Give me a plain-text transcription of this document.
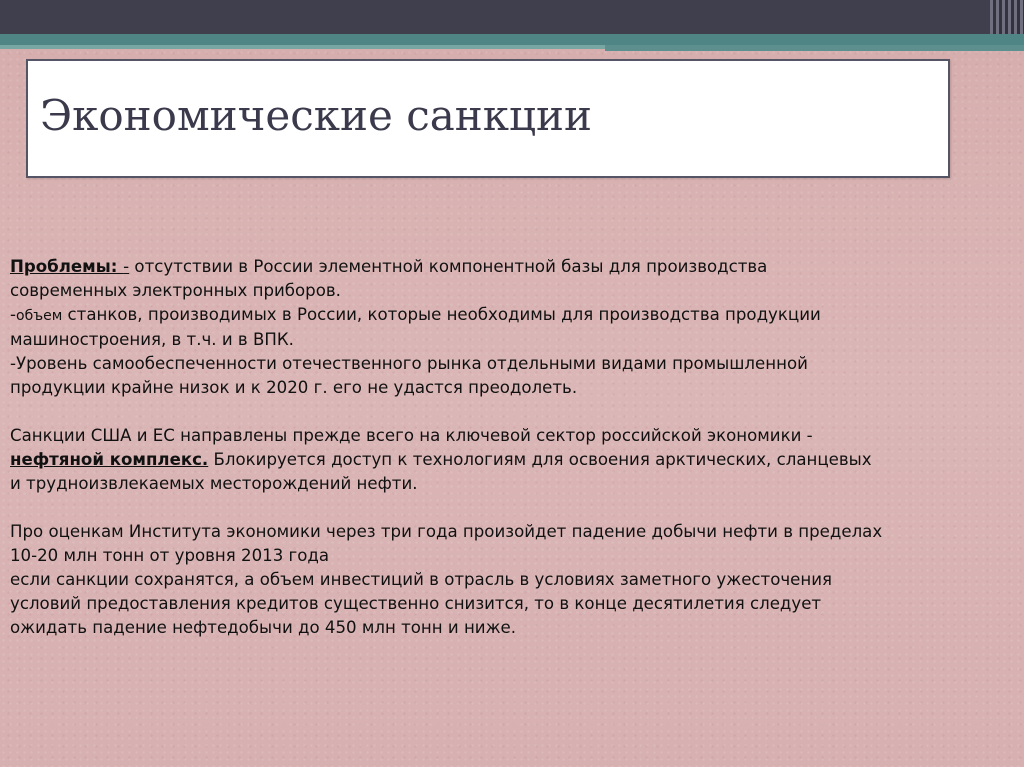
Экономические санкции

Проблемы: - отсутствии в России элементной компонентной базы для производства

современных электронных приборов.

-объем станков, производимых в России, которые необходимы для производства продукции

машиностроения, в т.ч. и в ВПК.

-Уровень самообеспеченности отечественного рынка отдельными видами промышленной

продукции крайне низок и к 2020 г. его не удастся преодолеть.

Санкции США и ЕС направлены прежде всего на ключевой сектор российской экономики -

нефтяной комплекс. Блокируется доступ к технологиям для освоения арктических, сланцевых

и трудноизвлекаемых месторождений нефти.

Про оценкам Института экономики через три года произойдет падение добычи нефти в пределах

10-20 млн тонн от уровня 2013 года

если санкции сохранятся, а объем инвестиций в отрасль в условиях заметного ужесточения

условий предоставления кредитов существенно снизится, то в конце десятилетия следует

ожидать падение нефтедобычи до 450 млн тонн и ниже.
